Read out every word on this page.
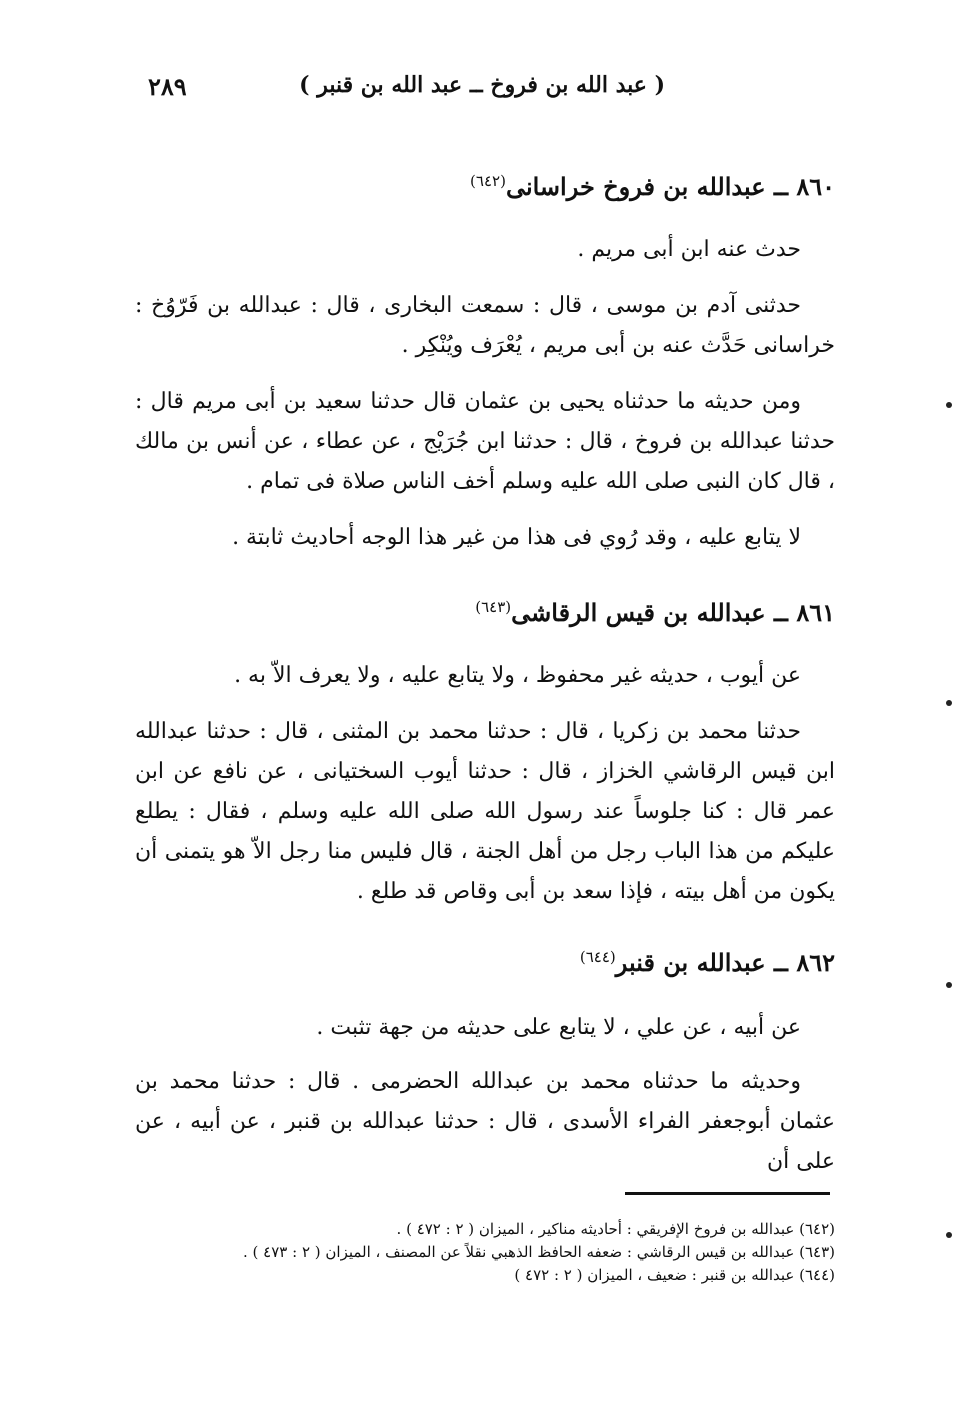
٢٨٩	( عبد الله بن فروخ ــ عبد الله بن قنبر )
٨٦٠ ــ عبدالله بن فروخ خراسانى$^{(٦٤٢)}$

حدث عنه ابن أبى مريم .

حدثنى آدم بن موسى ، قال : سمعت البخارى ، قال : عبدالله بن فَرّوُخ : خراسانى حَدَّث عنه بن أبى مريم ، يُعْرَف ويُنْكِر .

ومن حديثه ما حدثناه يحيى بن عثمان قال حدثنا سعيد بن أبى مريم قال : حدثنا عبدالله بن فروخ ، قال : حدثنا ابن جُرَيْج ، عن عطاء ، عن أنس بن مالك ، قال كان النبى صلى الله عليه وسلم أخف الناس صلاة فى تمام .

لا يتابع عليه ، وقد رُوي فى هذا من غير هذا الوجه أحاديث ثابتة .

٨٦١ ــ عبدالله بن قيس الرقاشى$^{(٦٤٣)}$

عن أيوب ، حديثه غير محفوظ ، ولا يتابع عليه ، ولا يعرف الاّ به .

حدثنا محمد بن زكريا ، قال : حدثنا محمد بن المثنى ، قال : حدثنا عبدالله ابن قيس الرقاشي الخزاز ، قال : حدثنا أيوب السختيانى ، عن نافع عن ابن عمر قال : كنا جلوساً عند رسول الله صلى الله عليه وسلم ، فقال : يطلع عليكم من هذا الباب رجل من أهل الجنة ، قال فليس منا رجل الاّ هو يتمنى أن يكون من أهل بيته ، فإذا سعد بن أبى وقاص قد طلع .

٨٦٢ ــ عبدالله بن قنبر$^{(٦٤٤)}$

عن أبيه ، عن علي ، لا يتابع على حديثه من جهة تثبت .

وحديثه ما حدثناه محمد بن عبدالله الحضرمى . قال : حدثنا محمد بن عثمان أبوجعفر الفراء الأسدى ، قال : حدثنا عبدالله بن قنبر ، عن أبيه ، عن على أن

(٦٤٢) عبدالله بن فروخ الإفريقي : أحاديثه مناكير ، الميزان ( ٢ : ٤٧٢ ) .
(٦٤٣) عبدالله بن قيس الرقاشي : ضعفه الحافظ الذهبي نقلاً عن المصنف ، الميزان ( ٢ : ٤٧٣ ) .
(٦٤٤) عبدالله بن قنبر : ضعيف ، الميزان ( ٢ : ٤٧٢ )
